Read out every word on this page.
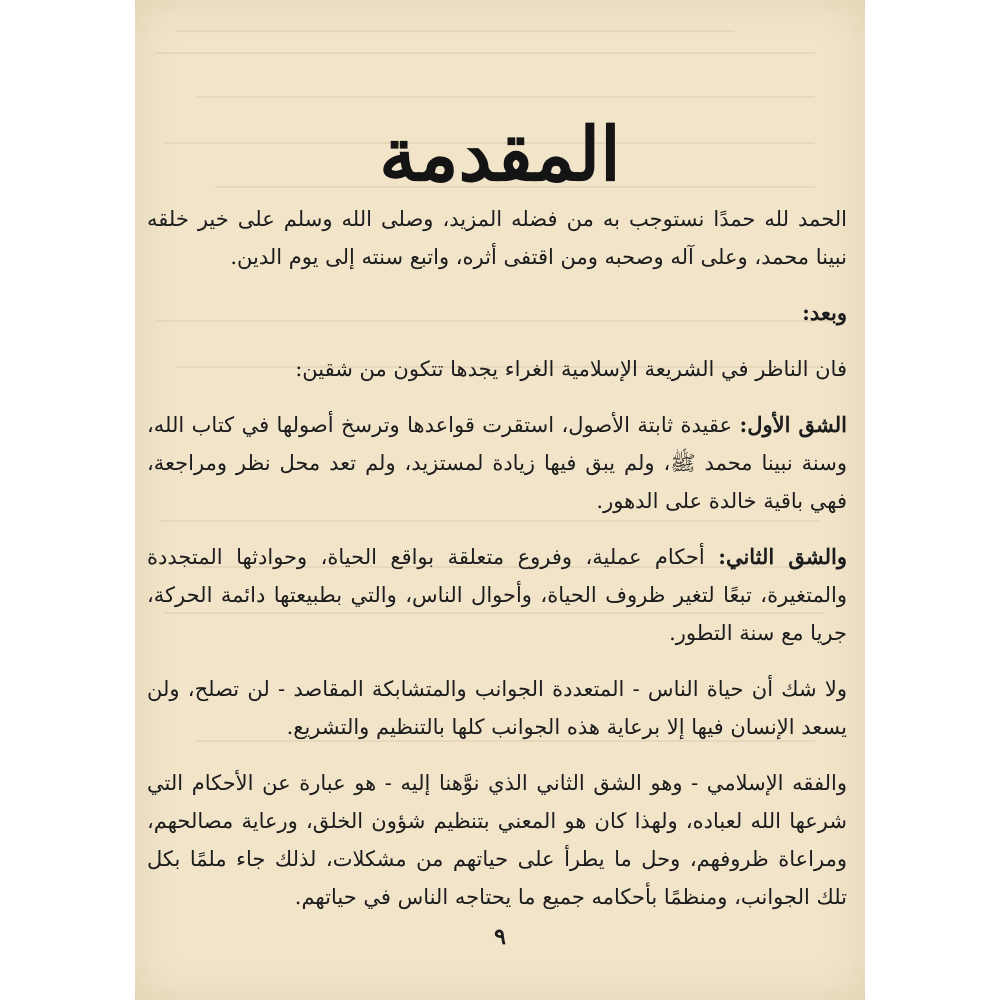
المقدمة

الحمد لله حمدًا نستوجب به من فضله المزيد، وصلى الله وسلم على خير خلقه نبينا محمد، وعلى آله وصحبه ومن اقتفى أثره، واتبع سنته إلى يوم الدين.

وبعد:

فان الناظر في الشريعة الإسلامية الغراء يجدها تتكون من شقين:

الشق الأول: عقيدة ثابتة الأصول، استقرت قواعدها وترسخ أصولها في كتاب الله، وسنة نبينا محمد ﷺ، ولم يبق فيها زيادة لمستزيد، ولم تعد محل نظر ومراجعة، فهي باقية خالدة على الدهور.

والشق الثاني: أحكام عملية، وفروع متعلقة بواقع الحياة، وحوادثها المتجددة والمتغيرة، تبعًا لتغير ظروف الحياة، وأحوال الناس، والتي بطبيعتها دائمة الحركة، جريا مع سنة التطور.

ولا شك أن حياة الناس - المتعددة الجوانب والمتشابكة المقاصد - لن تصلح، ولن يسعد الإنسان فيها إلا برعاية هذه الجوانب كلها بالتنظيم والتشريع.

والفقه الإسلامي - وهو الشق الثاني الذي نوَّهنا إليه - هو عبارة عن الأحكام التي شرعها الله لعباده، ولهذا كان هو المعني بتنظيم شؤون الخلق، ورعاية مصالحهم، ومراعاة ظروفهم، وحل ما يطرأ على حياتهم من مشكلات، لذلك جاء ملمًا بكل تلك الجوانب، ومنظمًا بأحكامه جميع ما يحتاجه الناس في حياتهم.

٩
